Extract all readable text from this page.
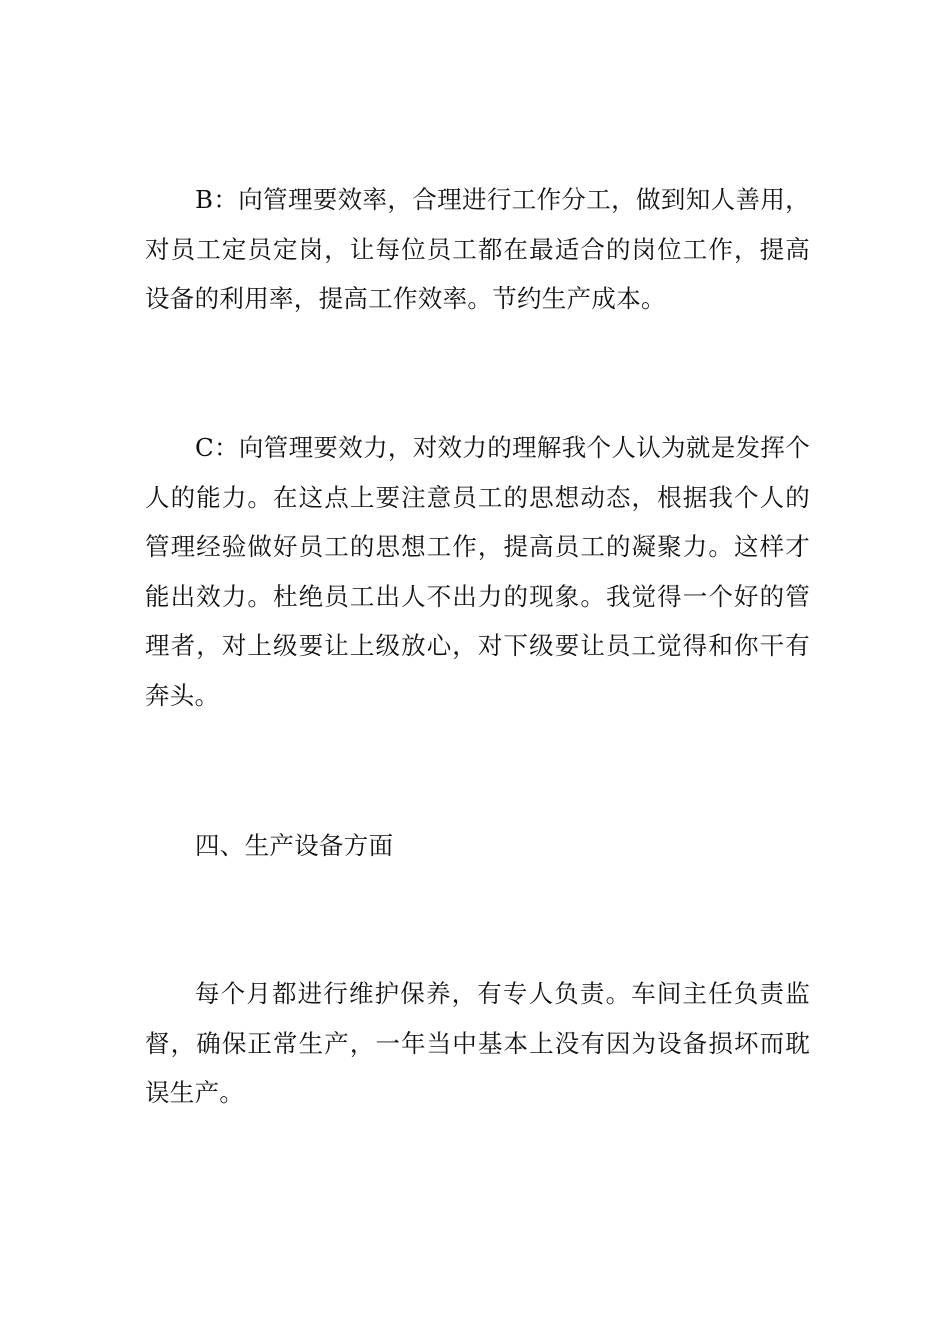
B：向管理要效率，合理进行工作分工，做到知人善用，对员工定员定岗，让每位员工都在最适合的岗位工作，提高设备的利用率，提高工作效率。节约生产成本。

C：向管理要效力，对效力的理解我个人认为就是发挥个人的能力。在这点上要注意员工的思想动态，根据我个人的管理经验做好员工的思想工作，提高员工的凝聚力。这样才能出效力。杜绝员工出人不出力的现象。我觉得一个好的管理者，对上级要让上级放心，对下级要让员工觉得和你干有奔头。

四、生产设备方面

每个月都进行维护保养，有专人负责。车间主任负责监督，确保正常生产，一年当中基本上没有因为设备损坏而耽误生产。
